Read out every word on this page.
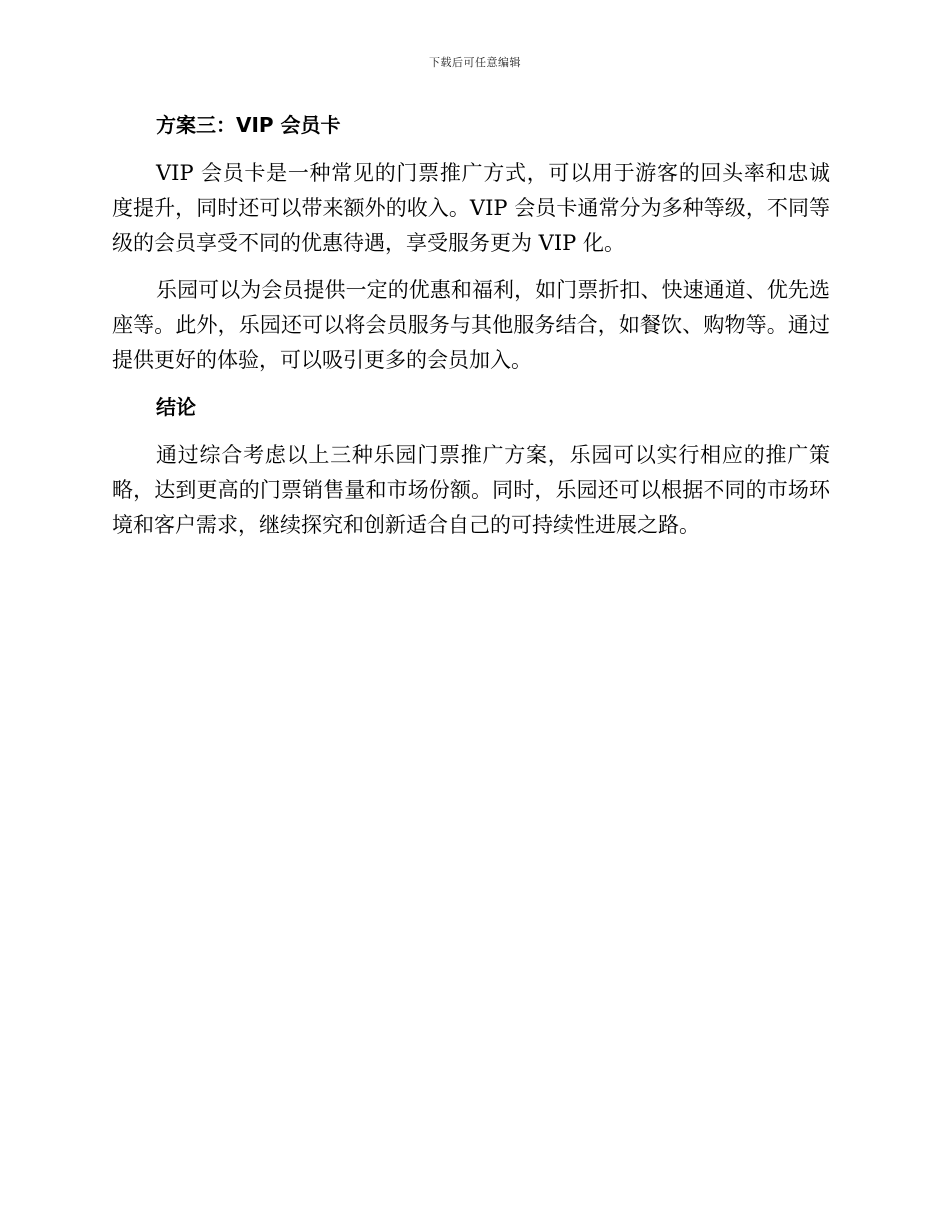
下载后可任意编辑
方案三：VIP 会员卡

VIP 会员卡是一种常见的门票推广方式，可以用于游客的回头率和忠诚度提升，同时还可以带来额外的收入。VIP 会员卡通常分为多种等级，不同等级的会员享受不同的优惠待遇，享受服务更为 VIP 化。

乐园可以为会员提供一定的优惠和福利，如门票折扣、快速通道、优先选座等。此外，乐园还可以将会员服务与其他服务结合，如餐饮、购物等。通过提供更好的体验，可以吸引更多的会员加入。

结论

通过综合考虑以上三种乐园门票推广方案，乐园可以实行相应的推广策略，达到更高的门票销售量和市场份额。同时，乐园还可以根据不同的市场环境和客户需求，继续探究和创新适合自己的可持续性进展之路。
